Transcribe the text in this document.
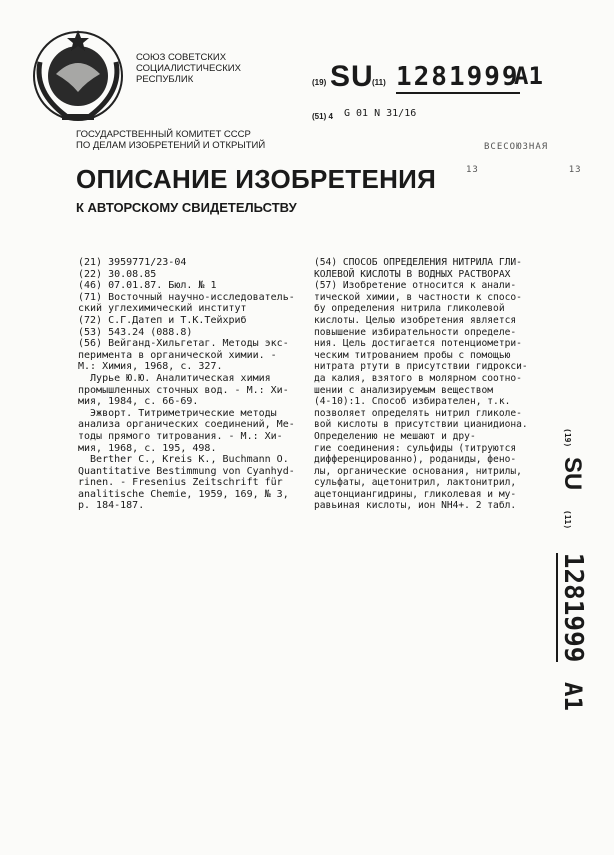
СОЮЗ СОВЕТСКИХ
СОЦИАЛИСТИЧЕСКИХ
РЕСПУБЛИК	(19) SU
(11) 1281999
A1
(51) 4 G 01 N 31/16
ГОСУДАРСТВЕННЫЙ КОМИТЕТ СССР
ПО ДЕЛАМ ИЗОБРЕТЕНИЙ И ОТКРЫТИЙ	ВСЕСОЮЗНАЯ
13              13
ОПИСАНИЕ ИЗОБРЕТЕНИЯ
К АВТОРСКОМУ СВИДЕТЕЛЬСТВУ
(21) 3959771/23-04
(22) 30.08.85
(46) 07.01.87. Бюл. № 1
(71) Восточный научно-исследователь-
ский углехимический институт
(72) С.Г.Датеп и Т.К.Тейхриб
(53) 543.24 (088.8)
(56) Вейганд-Хильгетаг. Методы экс-
перимента в органической химии. -
М.: Химия, 1968, с. 327.
Лурье Ю.Ю. Аналитическая химия
промышленных сточных вод. - М.: Хи-
мия, 1984, с. 66-69.
Эжворт. Титриметрические методы
анализа органических соединений, Ме-
тоды прямого титрования. - М.: Хи-
мия, 1968, с. 195, 498.
Berther C., Kreis K., Buchmann O.
Quantitative Bestimmung von Cyanhyd-
rinen. - Fresenius Zeitschrift für
analitische Chemie, 1959, 169, № 3,
p. 184-187.
(54) СПОСОБ ОПРЕДЕЛЕНИЯ НИТРИЛА ГЛИ-
КОЛЕВОЙ КИСЛОТЫ В ВОДНЫХ РАСТВОРАХ
(57) Изобретение относится к анали-
тической химии, в частности к спосо-
бу определения нитрила гликолевой
кислоты. Целью изобретения является
повышение избирательности определе-
ния. Цель достигается потенциометри-
ческим титрованием пробы с помощью
нитрата ртути в присутствии гидрокси-
да калия, взятого в молярном соотно-
шении с анализируемым веществом
(4-10):1. Способ избирателен, т.к.
позволяет определять нитрил гликоле-
вой кислоты в присутствии цианидиона.
Определению не мешают и дру-
гие соединения: сульфиды (титруются
дифференцированно), роданиды, фено-
лы, органические основания, нитрилы,
сульфаты, ацетонитрил, лактонитрил,
ацетонциангидрины, гликолевая и му-
равьиная кислоты, ион NH4+. 2 табл.
(19) SU (11) 1281999 A1
